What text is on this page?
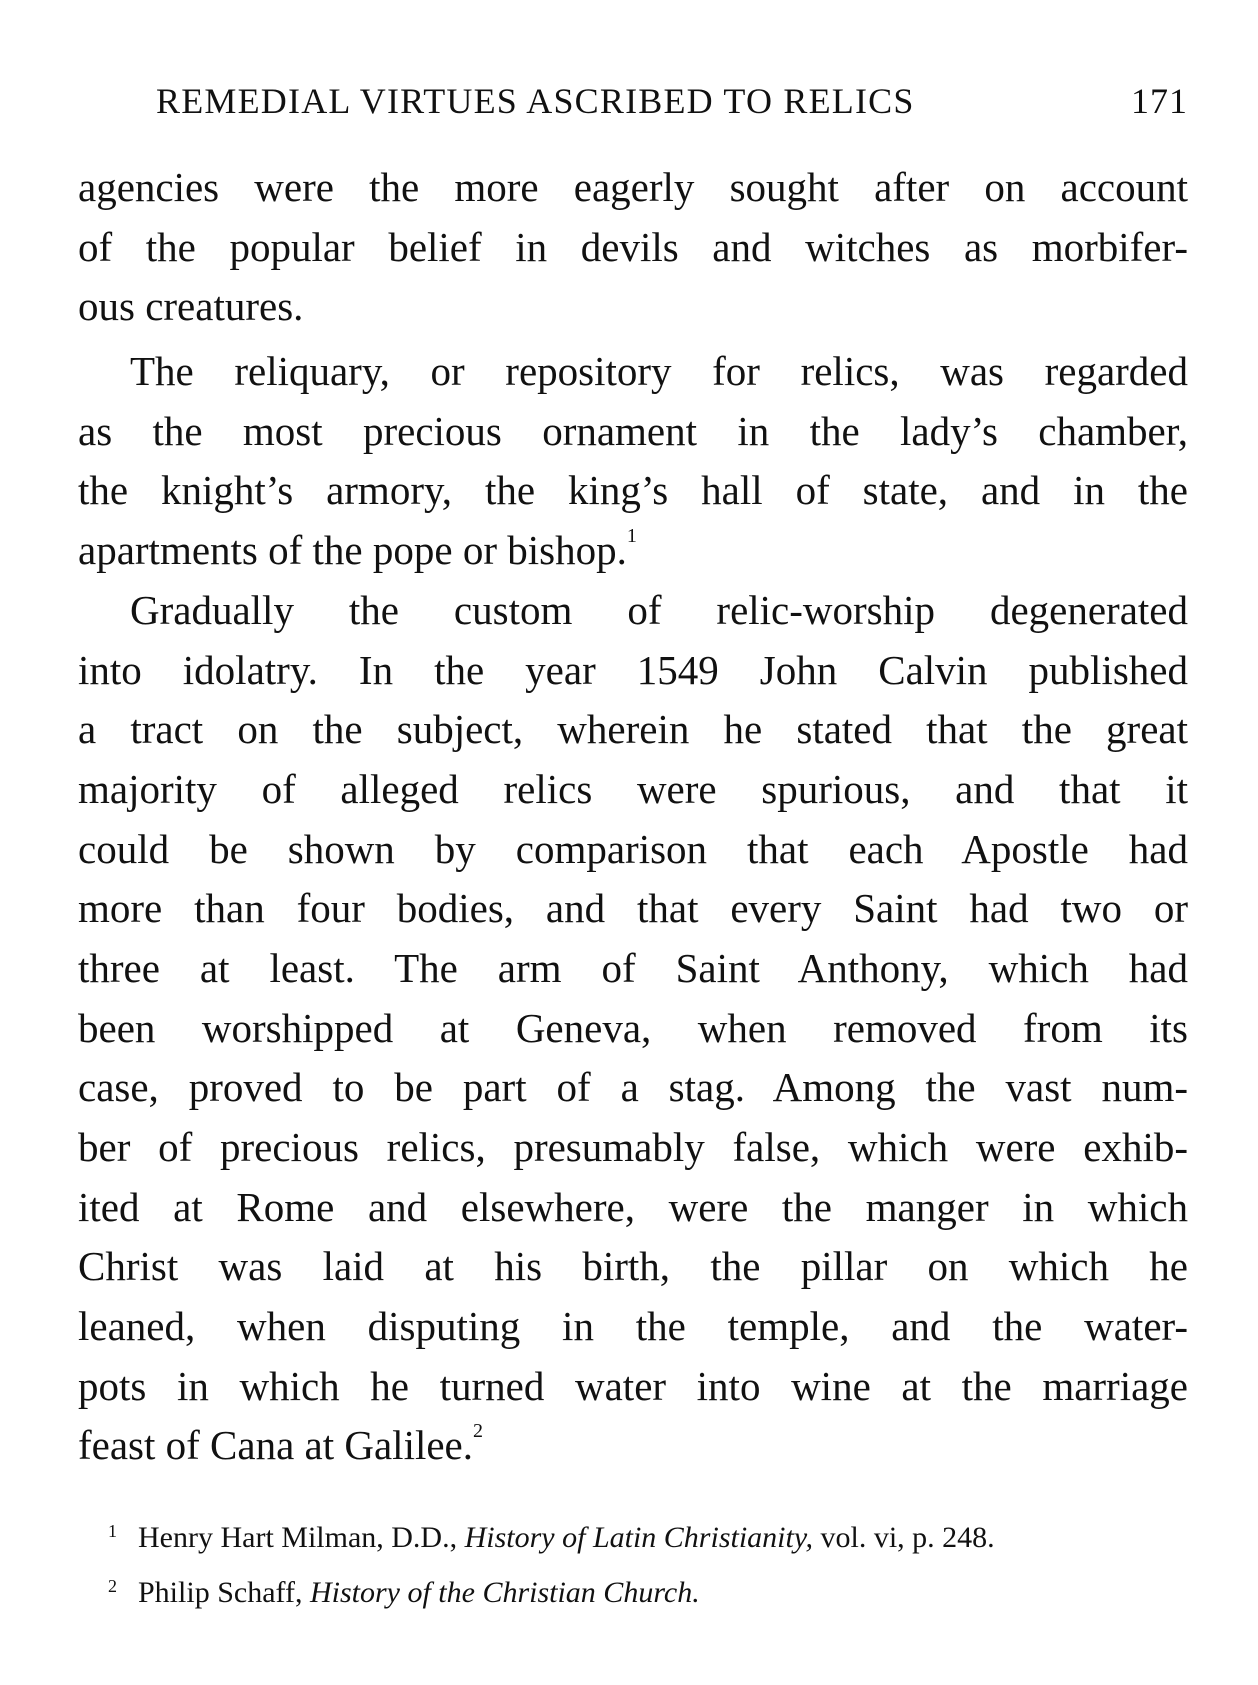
REMEDIAL VIRTUES ASCRIBED TO RELICS	171

agencies were the more eagerly sought after on account
of the popular belief in devils and witches as morbifer-
ous creatures.

The reliquary, or repository for relics, was regarded
as the most precious ornament in the lady’s chamber,
the knight’s armory, the king’s hall of state, and in the
apartments of the pope or bishop.$^1$

Gradually the custom of relic-worship degenerated
into idolatry. In the year 1549 John Calvin published
a tract on the subject, wherein he stated that the great
majority of alleged relics were spurious, and that it
could be shown by comparison that each Apostle had
more than four bodies, and that every Saint had two or
three at least. The arm of Saint Anthony, which had
been worshipped at Geneva, when removed from its
case, proved to be part of a stag. Among the vast num-
ber of precious relics, presumably false, which were exhib-
ited at Rome and elsewhere, were the manger in which
Christ was laid at his birth, the pillar on which he
leaned, when disputing in the temple, and the water-
pots in which he turned water into wine at the marriage
feast of Cana at Galilee.$^2$

1 Henry Hart Milman, D.D., History of Latin Christianity, vol. vi, p. 248.
2 Philip Schaff, History of the Christian Church.
